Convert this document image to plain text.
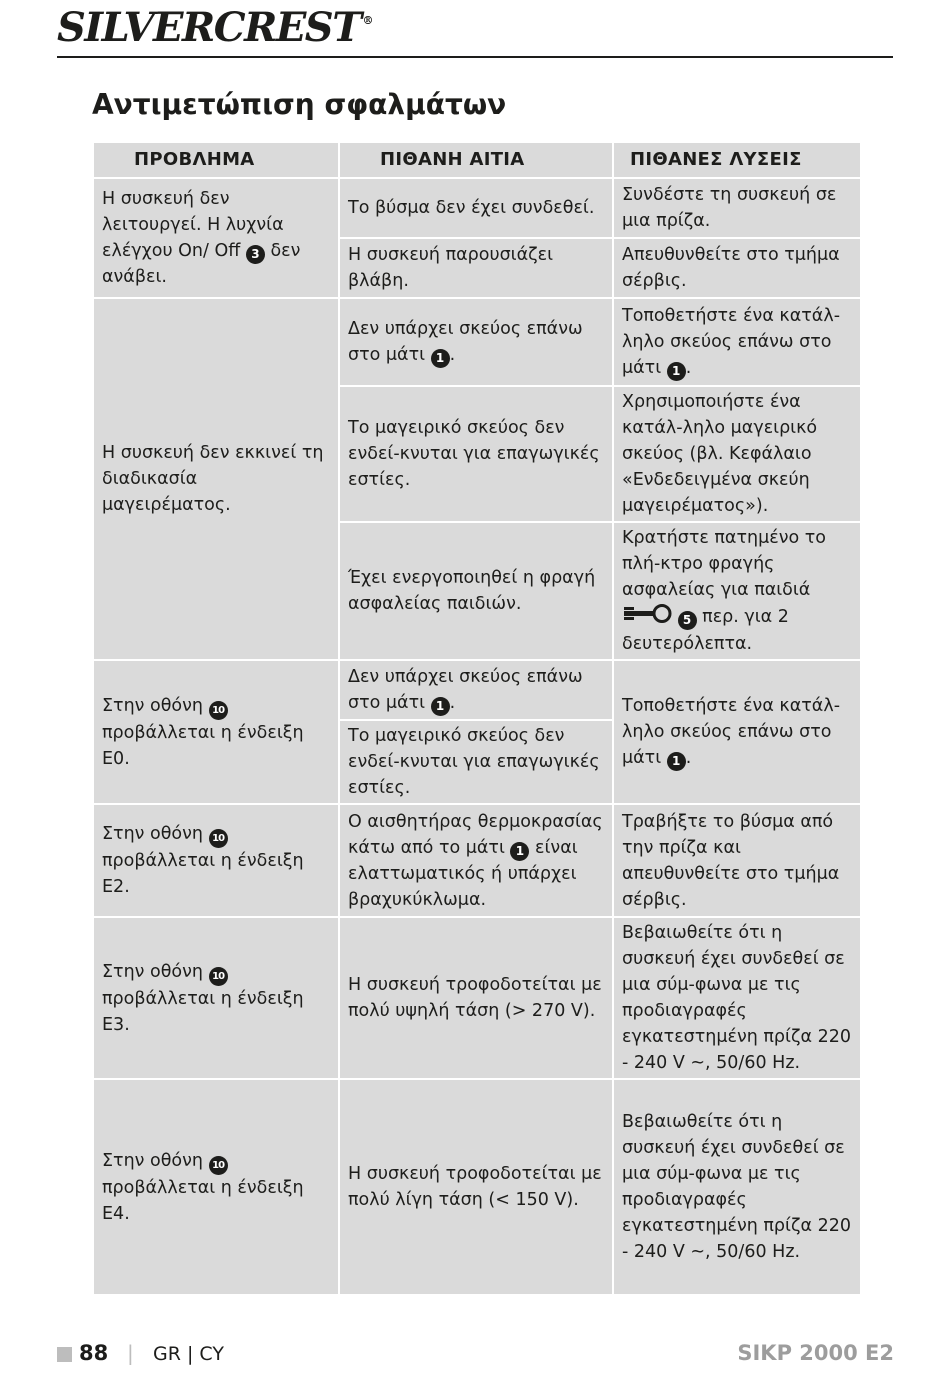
SILVERCREST ®
Αντιμετώπιση σφαλμάτων
ΠΡΟΒΛΗΜΑ	ΠΙΘΑΝΗ ΑΙΤΙΑ	ΠΙΘΑΝΕΣ ΛΥΣΕΙΣ
Η συσκευή δεν λειτουργεί. Η λυχνία ελέγχου On/ Off 3 δεν ανάβει.	Το βύσμα δεν έχει συνδεθεί.	Συνδέστε τη συσκευή σε μια πρίζα.
	Η συσκευή παρουσιάζει βλάβη.	Απευθυνθείτε στο τμήμα σέρβις.
Η συσκευή δεν εκκινεί τη διαδικασία μαγειρέματος.	Δεν υπάρχει σκεύος επάνω στο μάτι 1 .	Τοποθετήστε ένα κατάλ-ληλο σκεύος επάνω στο μάτι 1 .
	Το μαγειρικό σκεύος δεν ενδεί-κνυται για επαγωγικές εστίες.	Χρησιμοποιήστε ένα κατάλ-ληλο μαγειρικό σκεύος (βλ. Κεφάλαιο «Ενδεδειγμένα σκεύη μαγειρέματος»).
	Έχει ενεργοποιηθεί η φραγή ασφαλείας παιδιών.	Κρατήστε πατημένο το πλή-κτρο φραγής ασφαλείας για παιδιά  5 περ. για 2 δευτερόλεπτα.
Στην οθόνη 10 προβάλλεται η ένδειξη E0.	Δεν υπάρχει σκεύος επάνω στο μάτι 1 .	Τοποθετήστε ένα κατάλ-ληλο σκεύος επάνω στο μάτι 1 .
	Το μαγειρικό σκεύος δεν ενδεί-κνυται για επαγωγικές εστίες.	
Στην οθόνη 10 προβάλλεται η ένδειξη E2.	Ο αισθητήρας θερμοκρασίας κάτω από το μάτι 1 είναι ελαττωματικός ή υπάρχει βραχυκύκλωμα.	Τραβήξτε το βύσμα από την πρίζα και απευθυνθείτε στο τμήμα σέρβις.
Στην οθόνη 10 προβάλλεται η ένδειξη E3.	Η συσκευή τροφοδοτείται με πολύ υψηλή τάση (> 270 V).	Βεβαιωθείτε ότι η συσκευή έχει συνδεθεί σε μια σύμ-φωνα με τις προδιαγραφές εγκατεστημένη πρίζα 220 - 240 V ~, 50/60 Hz.
Στην οθόνη 10 προβάλλεται η ένδειξη E4.	Η συσκευή τροφοδοτείται με πολύ λίγη τάση (< 150 V).	Βεβαιωθείτε ότι η συσκευή έχει συνδεθεί σε μια σύμ-φωνα με τις προδιαγραφές εγκατεστημένη πρίζα 220 - 240 V ~, 50/60 Hz.
88 | GR | CY	SIKP 2000 E2
